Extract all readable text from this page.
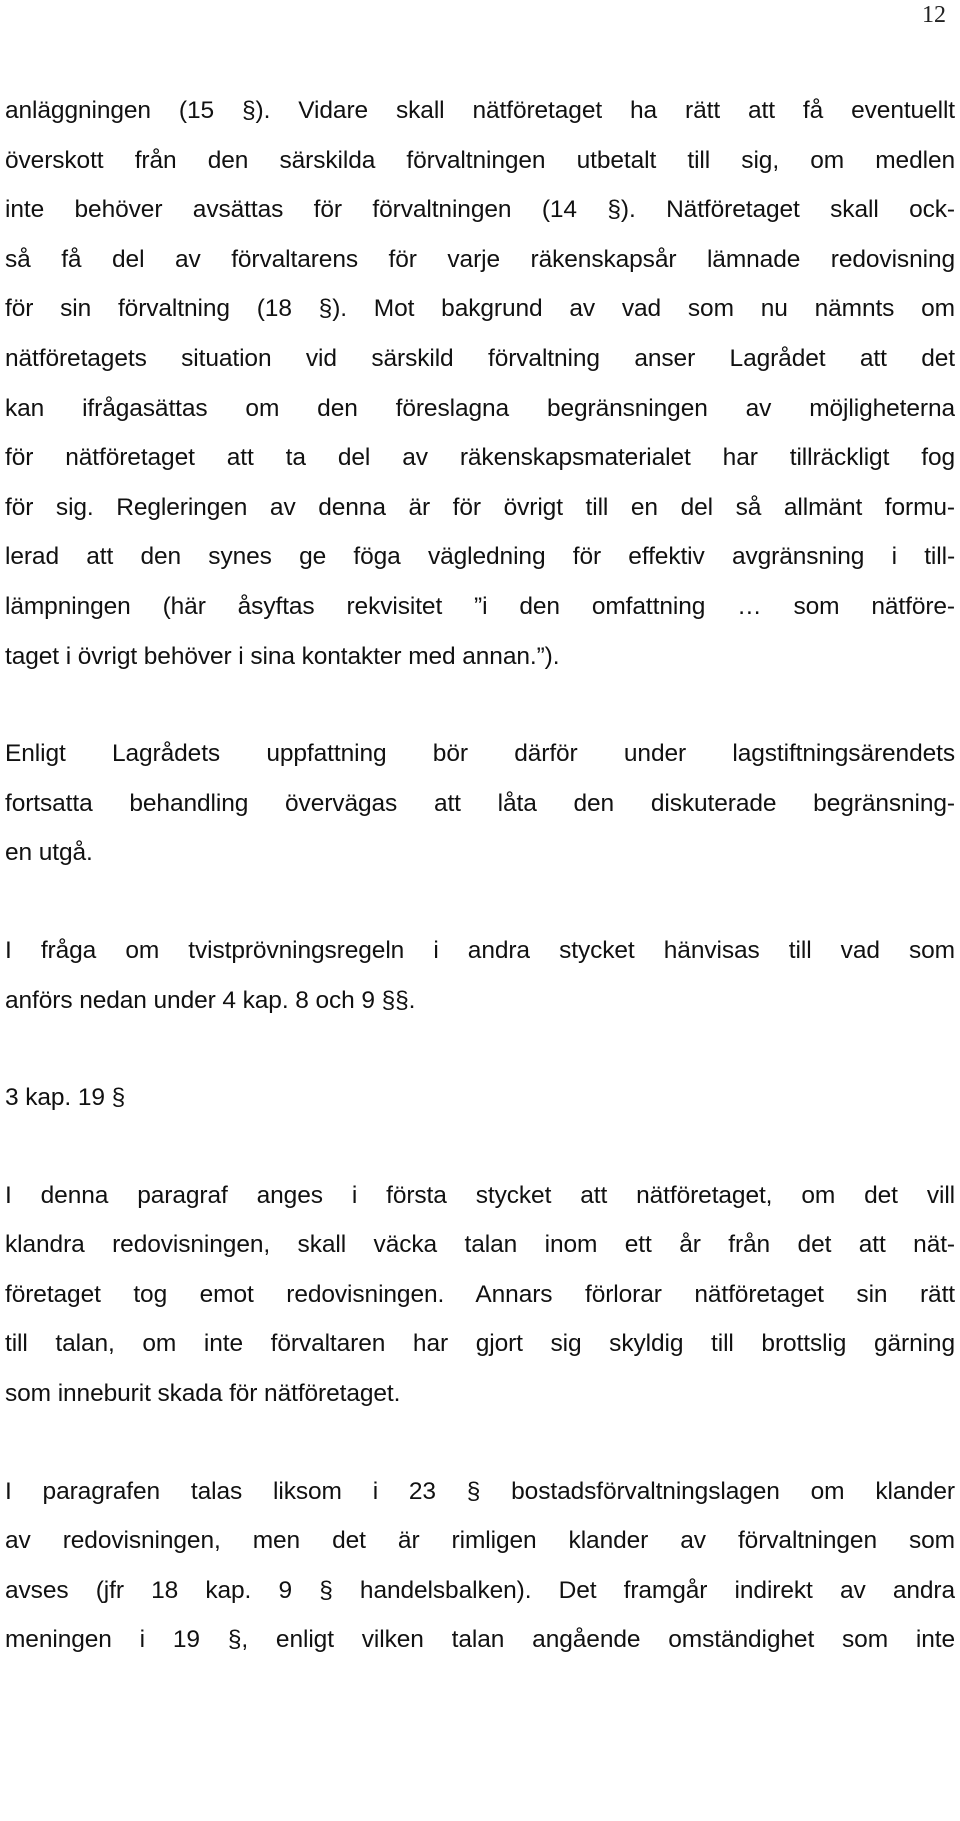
12
anläggningen (15 §). Vidare skall nätföretaget ha rätt att få eventuellt
överskott från den särskilda förvaltningen utbetalt till sig, om medlen
inte behöver avsättas för förvaltningen (14 §). Nätföretaget skall ock-
så få del av förvaltarens för varje räkenskapsår lämnade redovisning
för sin förvaltning (18 §). Mot bakgrund av vad som nu nämnts om
nätföretagets situation vid särskild förvaltning anser Lagrådet att det
kan ifrågasättas om den föreslagna begränsningen av möjligheterna
för nätföretaget att ta del av räkenskapsmaterialet har tillräckligt fog
för sig. Regleringen av denna är för övrigt till en del så allmänt formu-
lerad att den synes ge föga vägledning för effektiv avgränsning i till-
lämpningen (här åsyftas rekvisitet ”i den omfattning … som nätföre-
taget i övrigt behöver i sina kontakter med annan.”).
Enligt Lagrådets uppfattning bör därför under lagstiftningsärendets
fortsatta behandling övervägas att låta den diskuterade begränsning-
en utgå.
I fråga om tvistprövningsregeln i andra stycket hänvisas till vad som
anförs nedan under 4 kap. 8 och 9 §§.
3 kap. 19 §
I denna paragraf anges i första stycket att nätföretaget, om det vill
klandra redovisningen, skall väcka talan inom ett år från det att nät-
företaget tog emot redovisningen. Annars förlorar nätföretaget sin rätt
till talan, om inte förvaltaren har gjort sig skyldig till brottslig gärning
som inneburit skada för nätföretaget.
I paragrafen talas liksom i 23 § bostadsförvaltningslagen om klander
av redovisningen, men det är rimligen klander av förvaltningen som
avses (jfr 18 kap. 9 § handelsbalken). Det framgår indirekt av andra
meningen i 19 §, enligt vilken talan angående omständighet som inte
